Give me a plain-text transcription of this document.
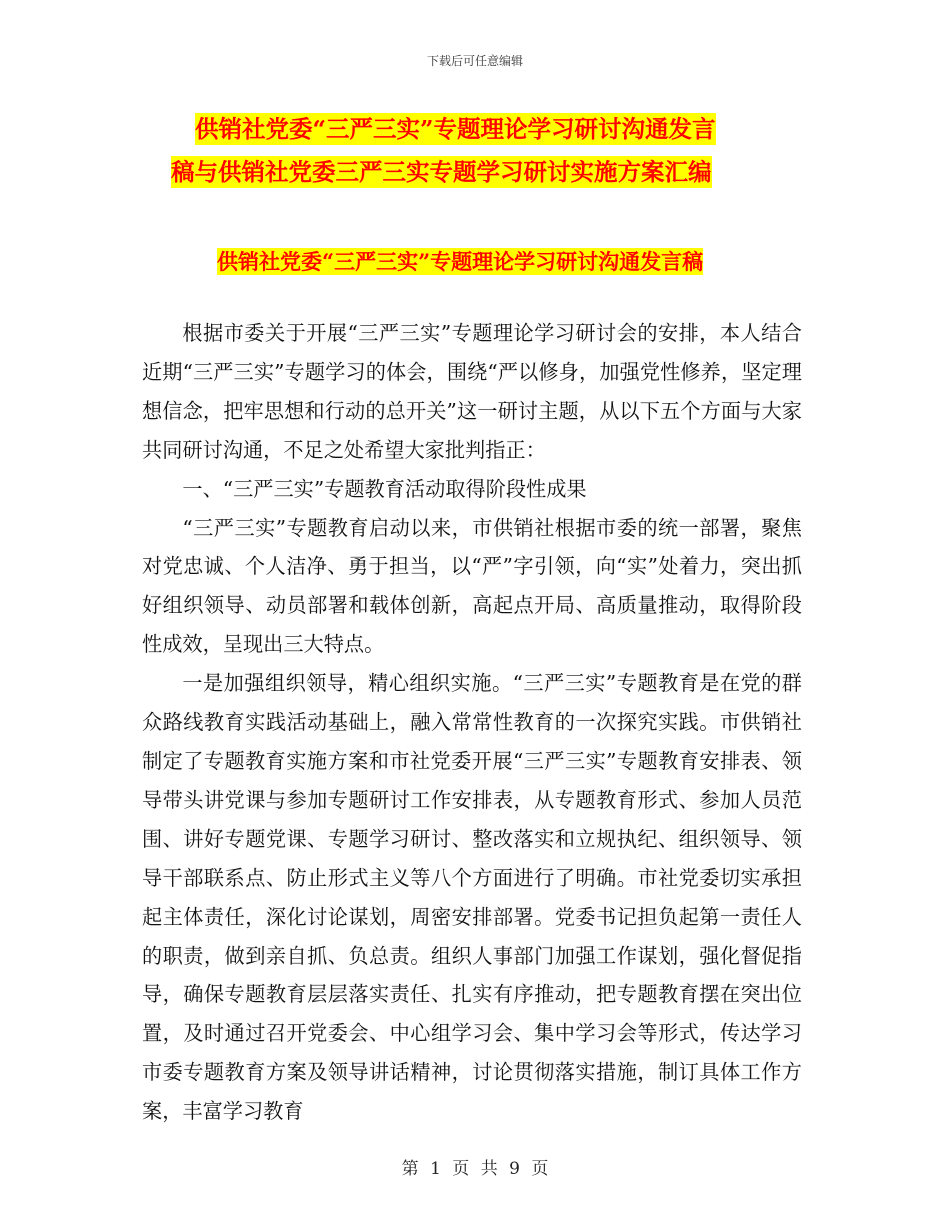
下载后可任意编辑
供销社党委“三严三实”专题理论学习研讨沟通发言
稿与供销社党委三严三实专题学习研讨实施方案汇编
供销社党委“三严三实”专题理论学习研讨沟通发言稿

根据市委关于开展“三严三实”专题理论学习研讨会的安排，本人结合近期“三严三实”专题学习的体会，围绕“严以修身，加强党性修养，坚定理想信念，把牢思想和行动的总开关”这一研讨主题，从以下五个方面与大家共同研讨沟通，不足之处希望大家批判指正：

一、“三严三实”专题教育活动取得阶段性成果

“三严三实”专题教育启动以来，市供销社根据市委的统一部署，聚焦对党忠诚、个人洁净、勇于担当，以“严”字引领，向“实”处着力，突出抓好组织领导、动员部署和载体创新，高起点开局、高质量推动，取得阶段性成效，呈现出三大特点。

一是加强组织领导，精心组织实施。“三严三实”专题教育是在党的群众路线教育实践活动基础上，融入常常性教育的一次探究实践。市供销社制定了专题教育实施方案和市社党委开展“三严三实”专题教育安排表、领导带头讲党课与参加专题研讨工作安排表，从专题教育形式、参加人员范围、讲好专题党课、专题学习研讨、整改落实和立规执纪、组织领导、领导干部联系点、防止形式主义等八个方面进行了明确。市社党委切实承担起主体责任，深化讨论谋划，周密安排部署。党委书记担负起第一责任人的职责，做到亲自抓、负总责。组织人事部门加强工作谋划，强化督促指导，确保专题教育层层落实责任、扎实有序推动，把专题教育摆在突出位置，及时通过召开党委会、中心组学习会、集中学习会等形式，传达学习市委专题教育方案及领导讲话精神，讨论贯彻落实措施，制订具体工作方案，丰富学习教育

第 1 页 共 9 页
